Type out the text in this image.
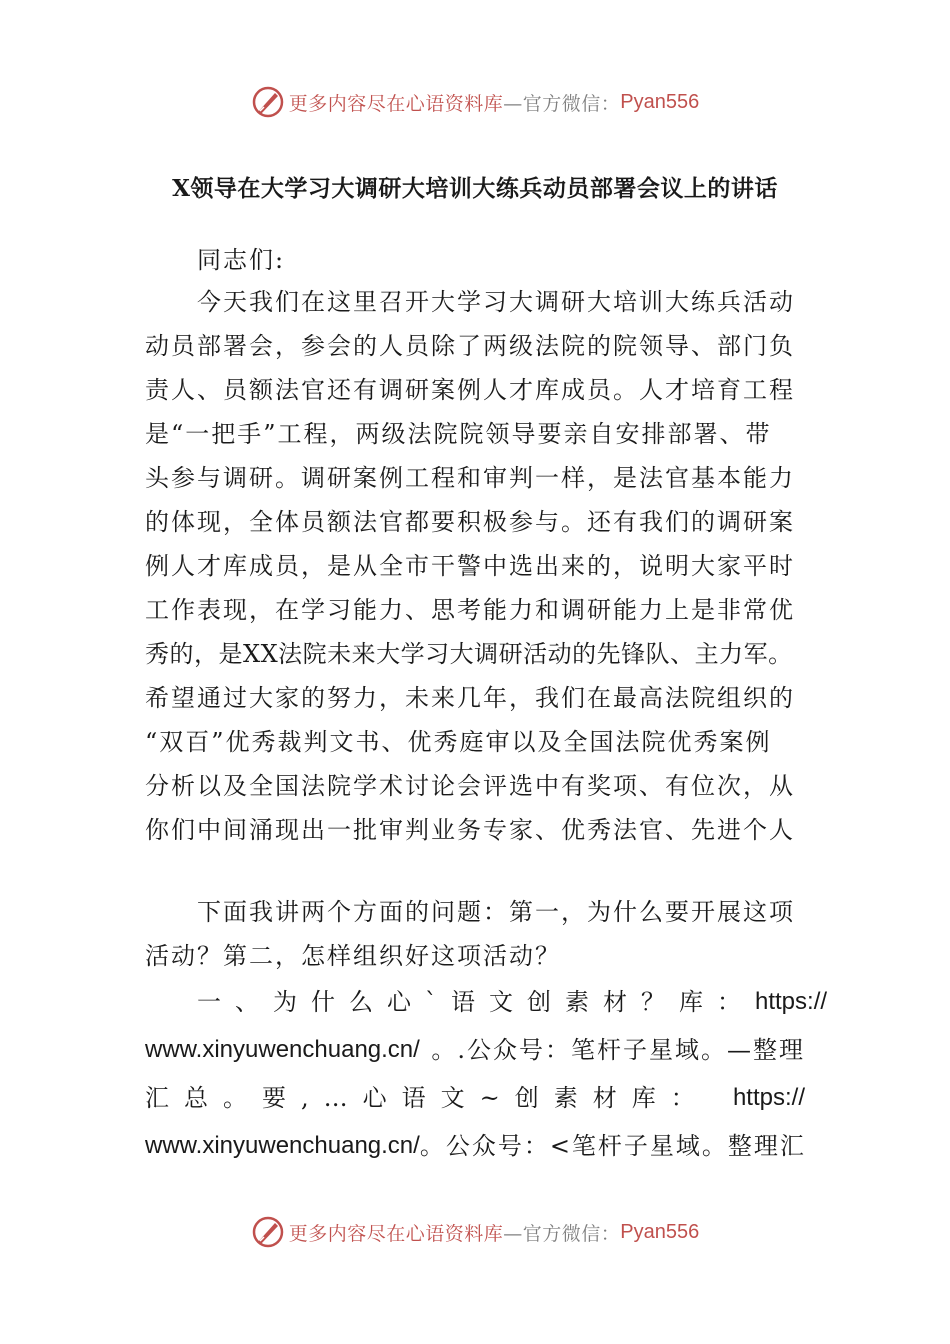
更多内容尽在心语资料库 —官方微信： Pyan556
X领导在大学习大调研大培训大练兵动员部署会议上的讲话

同志们:

今天我们在这里召开大学习大调研大培训大练兵活动
动员部署会，参会的人员除了两级法院的院领导、部门负
责人、员额法官还有调研案例人才库成员。人才培育工程
是“一把手”工程，两级法院院领导要亲自安排部署、带
头参与调研。调研案例工程和审判一样，是法官基本能力
的体现，全体员额法官都要积极参与。还有我们的调研案
例人才库成员，是从全市干警中选出来的，说明大家平时
工作表现，在学习能力、思考能力和调研能力上是非常优
秀的，是XX法院未来大学习大调研活动的先锋队、主力军。
希望通过大家的努力，未来几年，我们在最高法院组织的
“双百”优秀裁判文书、优秀庭审以及全国法院优秀案例
分析以及全国法院学术讨论会评选中有奖项、有位次，从
你们中间涌现出一批审判业务专家、优秀法官、先进个人

下面我讲两个方面的问题：第一，为什么要开展这项
活动？第二，怎样组织好这项活动？

一、为什么心`语文创素材？库： https://
www.xinyuwenchuang.cn/ 。.公众号：笔杆子星域。—整理
汇总。要,…心语文~创素材库： https://
www.xinyuwenchuang.cn/ 。公众号：<笔杆子星域。整理汇
更多内容尽在心语资料库 —官方微信： Pyan556
